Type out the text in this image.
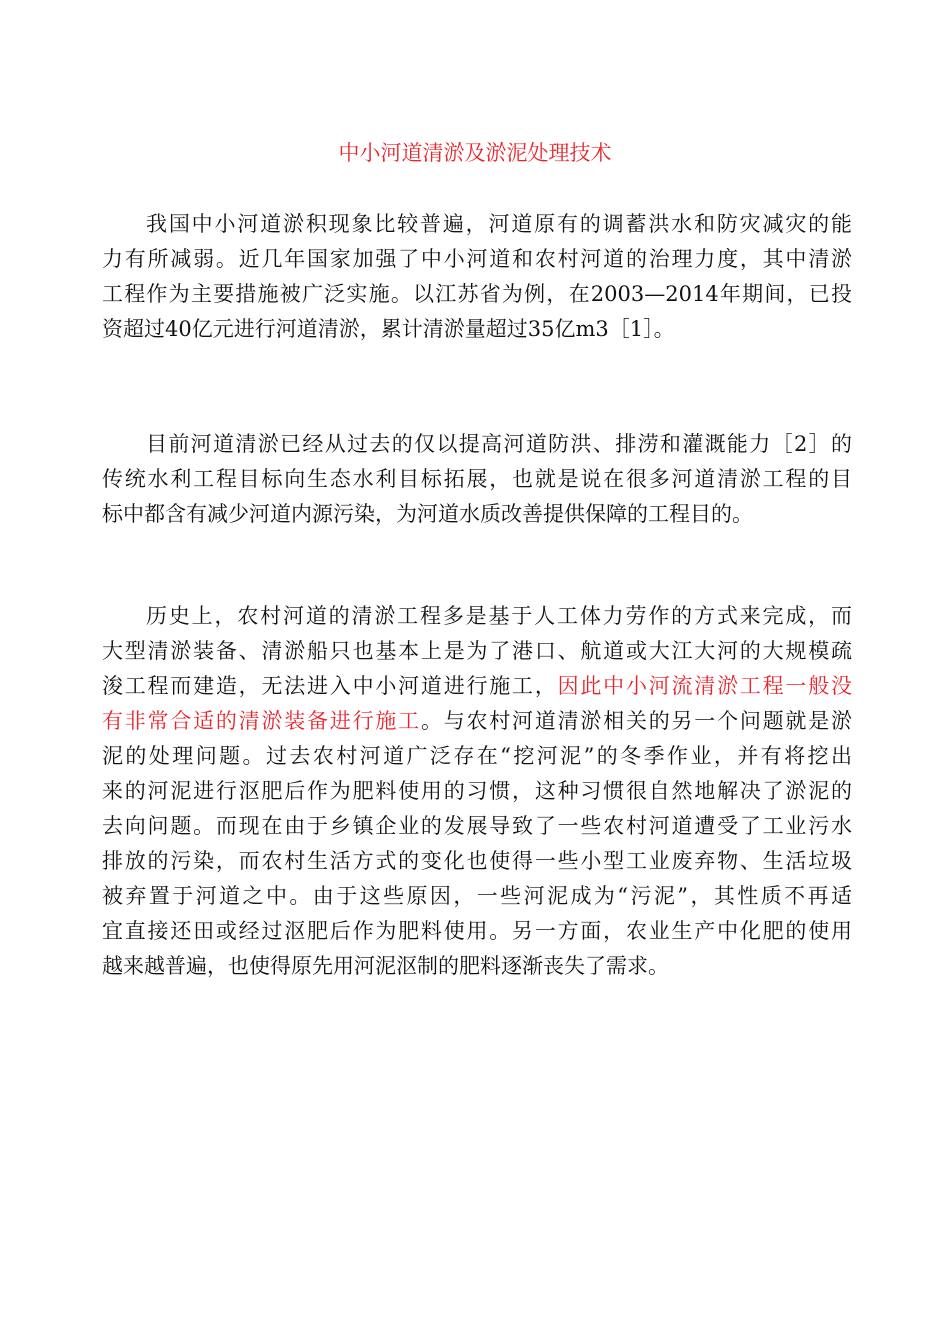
中小河道清淤及淤泥处理技术
我国中小河道淤积现象比较普遍，河道原有的调蓄洪水和防灾减灾的能
力有所减弱。近几年国家加强了中小河道和农村河道的治理力度，其中清淤
工程作为主要措施被广泛实施。以江苏省为例，在2003—2014年期间，已投
资超过40亿元进行河道清淤，累计清淤量超过35亿m3［1］。
目前河道清淤已经从过去的仅以提高河道防洪、排涝和灌溉能力［2］的
传统水利工程目标向生态水利目标拓展，也就是说在很多河道清淤工程的目
标中都含有减少河道内源污染，为河道水质改善提供保障的工程目的。
历史上，农村河道的清淤工程多是基于人工体力劳作的方式来完成，而
大型清淤装备、清淤船只也基本上是为了港口、航道或大江大河的大规模疏
浚工程而建造，无法进入中小河道进行施工，因此中小河流清淤工程一般没
有非常合适的清淤装备进行施工。与农村河道清淤相关的另一个问题就是淤
泥的处理问题。过去农村河道广泛存在“挖河泥”的冬季作业，并有将挖出
来的河泥进行沤肥后作为肥料使用的习惯，这种习惯很自然地解决了淤泥的
去向问题。而现在由于乡镇企业的发展导致了一些农村河道遭受了工业污水
排放的污染，而农村生活方式的变化也使得一些小型工业废弃物、生活垃圾
被弃置于河道之中。由于这些原因，一些河泥成为“污泥”，其性质不再适
宜直接还田或经过沤肥后作为肥料使用。另一方面，农业生产中化肥的使用
越来越普遍，也使得原先用河泥沤制的肥料逐渐丧失了需求。
